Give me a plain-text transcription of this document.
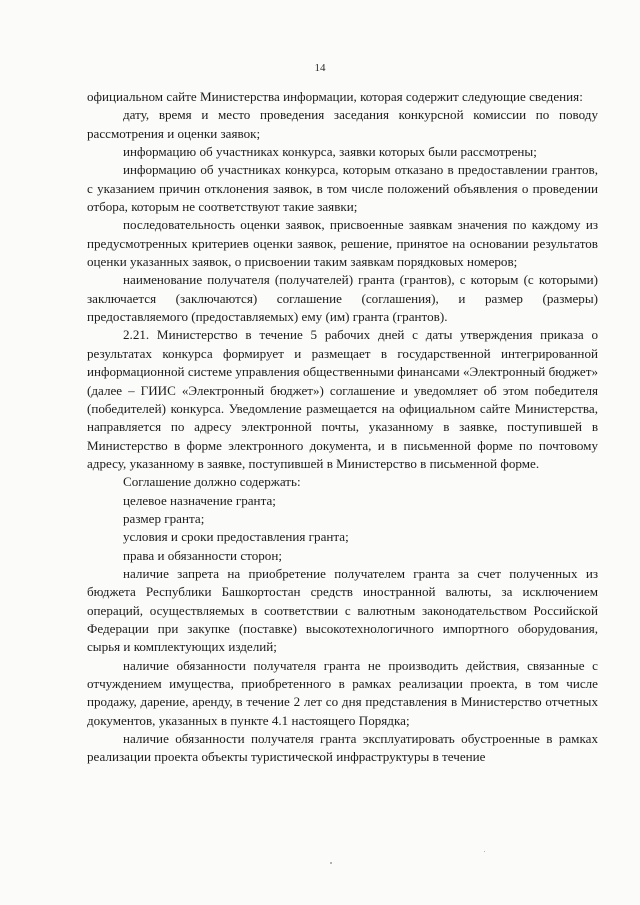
14

официальном сайте Министерства информации, которая содержит следующие сведения:

дату, время и место проведения заседания конкурсной комиссии по поводу рассмотрения и оценки заявок;

информацию об участниках конкурса, заявки которых были рассмотрены;

информацию об участниках конкурса, которым отказано в предоставлении грантов, с указанием причин отклонения заявок, в том числе положений объявления о проведении отбора, которым не соответствуют такие заявки;

последовательность оценки заявок, присвоенные заявкам значения по каждому из предусмотренных критериев оценки заявок, решение, принятое на основании результатов оценки указанных заявок, о присвоении таким заявкам порядковых номеров;

наименование получателя (получателей) гранта (грантов), с которым (с которыми) заключается (заключаются) соглашение (соглашения), и размер (размеры) предоставляемого (предоставляемых) ему (им) гранта (грантов).

2.21. Министерство в течение 5 рабочих дней с даты утверждения приказа о результатах конкурса формирует и размещает в государственной интегрированной информационной системе управления общественными финансами «Электронный бюджет» (далее – ГИИС «Электронный бюджет») соглашение и уведомляет об этом победителя (победителей) конкурса. Уведомление размещается на официальном сайте Министерства, направляется по адресу электронной почты, указанному в заявке, поступившей в Министерство в форме электронного документа, и в письменной форме по почтовому адресу, указанному в заявке, поступившей в Министерство в письменной форме.

Соглашение должно содержать:

целевое назначение гранта;

размер гранта;

условия и сроки предоставления гранта;

права и обязанности сторон;

наличие запрета на приобретение получателем гранта за счет полученных из бюджета Республики Башкортостан средств иностранной валюты, за исключением операций, осуществляемых в соответствии с валютным законодательством Российской Федерации при закупке (поставке) высокотехнологичного импортного оборудования, сырья и комплектующих изделий;

наличие обязанности получателя гранта не производить действия, связанные с отчуждением имущества, приобретенного в рамках реализации проекта, в том числе продажу, дарение, аренду, в течение 2 лет со дня представления в Министерство отчетных документов, указанных в пункте 4.1 настоящего Порядка;

наличие обязанности получателя гранта эксплуатировать обустроенные в рамках реализации проекта объекты туристической инфраструктуры в течение
